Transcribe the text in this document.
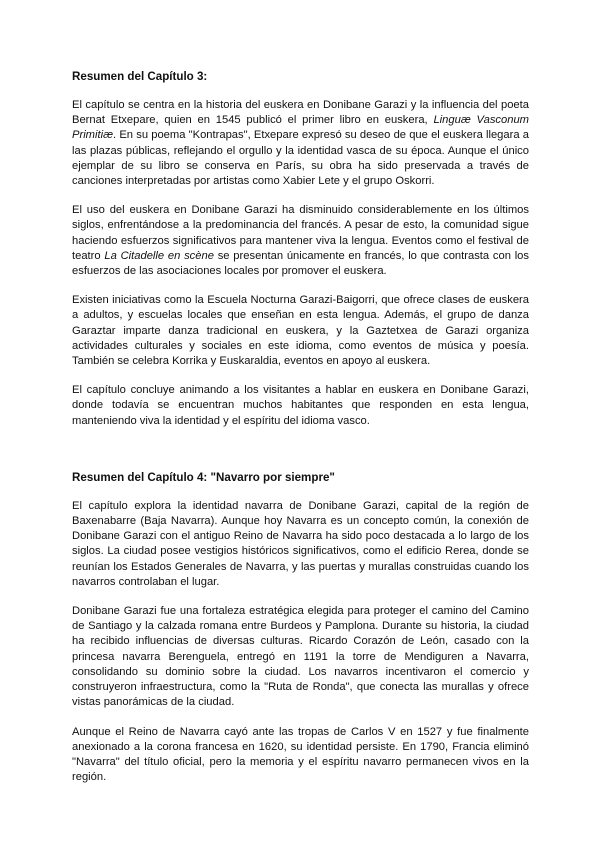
Resumen del Capítulo 3:

El capítulo se centra en la historia del euskera en Donibane Garazi y la influencia del poeta Bernat Etxepare, quien en 1545 publicó el primer libro en euskera, Linguæ Vasconum Primitiæ. En su poema "Kontrapas", Etxepare expresó su deseo de que el euskera llegara a las plazas públicas, reflejando el orgullo y la identidad vasca de su época. Aunque el único ejemplar de su libro se conserva en París, su obra ha sido preservada a través de canciones interpretadas por artistas como Xabier Lete y el grupo Oskorri.

El uso del euskera en Donibane Garazi ha disminuido considerablemente en los últimos siglos, enfrentándose a la predominancia del francés. A pesar de esto, la comunidad sigue haciendo esfuerzos significativos para mantener viva la lengua. Eventos como el festival de teatro La Citadelle en scène se presentan únicamente en francés, lo que contrasta con los esfuerzos de las asociaciones locales por promover el euskera.

Existen iniciativas como la Escuela Nocturna Garazi-Baigorri, que ofrece clases de euskera a adultos, y escuelas locales que enseñan en esta lengua. Además, el grupo de danza Garaztar imparte danza tradicional en euskera, y la Gaztetxea de Garazi organiza actividades culturales y sociales en este idioma, como eventos de música y poesía. También se celebra Korrika y Euskaraldia, eventos en apoyo al euskera.

El capítulo concluye animando a los visitantes a hablar en euskera en Donibane Garazi, donde todavía se encuentran muchos habitantes que responden en esta lengua, manteniendo viva la identidad y el espíritu del idioma vasco.

Resumen del Capítulo 4: "Navarro por siempre"

El capítulo explora la identidad navarra de Donibane Garazi, capital de la región de Baxenabarre (Baja Navarra). Aunque hoy Navarra es un concepto común, la conexión de Donibane Garazi con el antiguo Reino de Navarra ha sido poco destacada a lo largo de los siglos. La ciudad posee vestigios históricos significativos, como el edificio Rerea, donde se reunían los Estados Generales de Navarra, y las puertas y murallas construidas cuando los navarros controlaban el lugar.

Donibane Garazi fue una fortaleza estratégica elegida para proteger el camino del Camino de Santiago y la calzada romana entre Burdeos y Pamplona. Durante su historia, la ciudad ha recibido influencias de diversas culturas. Ricardo Corazón de León, casado con la princesa navarra Berenguela, entregó en 1191 la torre de Mendiguren a Navarra, consolidando su dominio sobre la ciudad. Los navarros incentivaron el comercio y construyeron infraestructura, como la "Ruta de Ronda", que conecta las murallas y ofrece vistas panorámicas de la ciudad.

Aunque el Reino de Navarra cayó ante las tropas de Carlos V en 1527 y fue finalmente anexionado a la corona francesa en 1620, su identidad persiste. En 1790, Francia eliminó "Navarra" del título oficial, pero la memoria y el espíritu navarro permanecen vivos en la región.
